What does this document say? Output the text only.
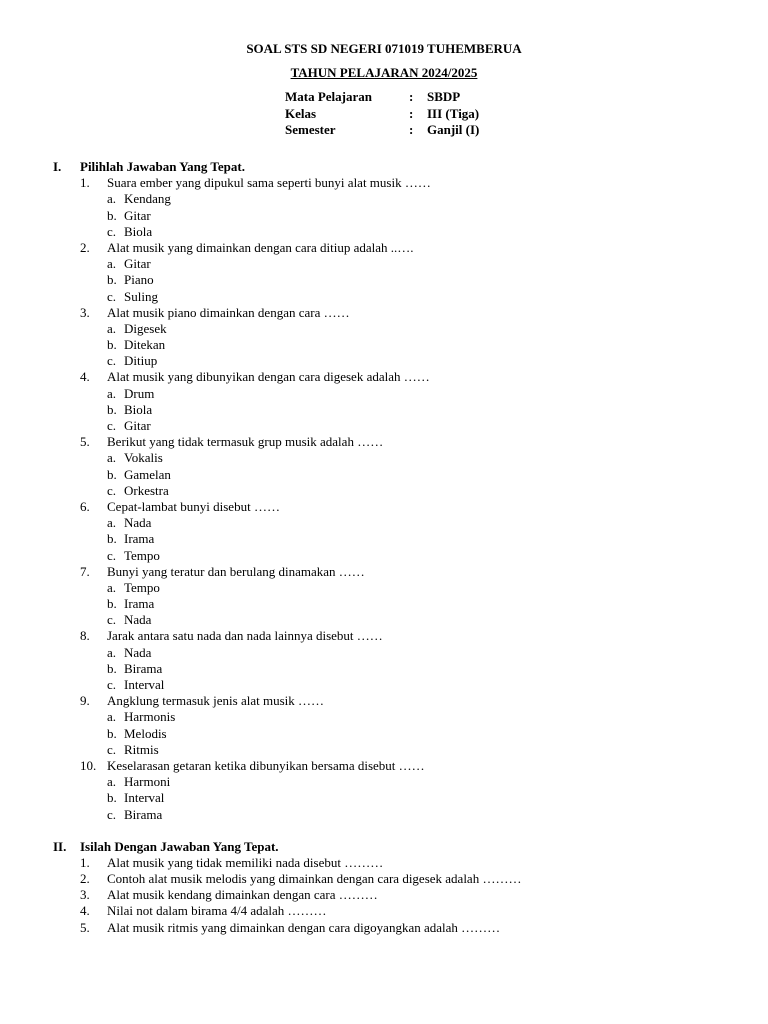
SOAL STS SD NEGERI 071019 TUHEMBERUA
TAHUN PELAJARAN 2024/2025
Mata Pelajaran	: SBDP
Kelas	: III (Tiga)
Semester	: Ganjil (I)
I. Pilihlah Jawaban Yang Tepat.
1. Suara ember yang dipukul sama seperti bunyi alat musik ……
a. Kendang
b. Gitar
c. Biola
2. Alat musik yang dimainkan dengan cara ditiup adalah ..….
a. Gitar
b. Piano
c. Suling
3. Alat musik piano dimainkan dengan cara ……
a. Digesek
b. Ditekan
c. Ditiup
4. Alat musik yang dibunyikan dengan cara digesek adalah ……
a. Drum
b. Biola
c. Gitar
5. Berikut yang tidak termasuk grup musik adalah ……
a. Vokalis
b. Gamelan
c. Orkestra
6. Cepat-lambat bunyi disebut ……
a. Nada
b. Irama
c. Tempo
7. Bunyi yang teratur dan berulang dinamakan ……
a. Tempo
b. Irama
c. Nada
8. Jarak antara satu nada dan nada lainnya disebut ……
a. Nada
b. Birama
c. Interval
9. Angklung termasuk jenis alat musik ……
a. Harmonis
b. Melodis
c. Ritmis
10. Keselarasan getaran ketika dibunyikan bersama disebut ……
a. Harmoni
b. Interval
c. Birama
II. Isilah Dengan Jawaban Yang Tepat.
1. Alat musik yang tidak memiliki nada disebut ………
2. Contoh alat musik melodis yang dimainkan dengan cara digesek adalah ………
3. Alat musik kendang dimainkan dengan cara ………
4. Nilai not dalam birama 4/4 adalah ………
5. Alat musik ritmis yang dimainkan dengan cara digoyangkan adalah ………
